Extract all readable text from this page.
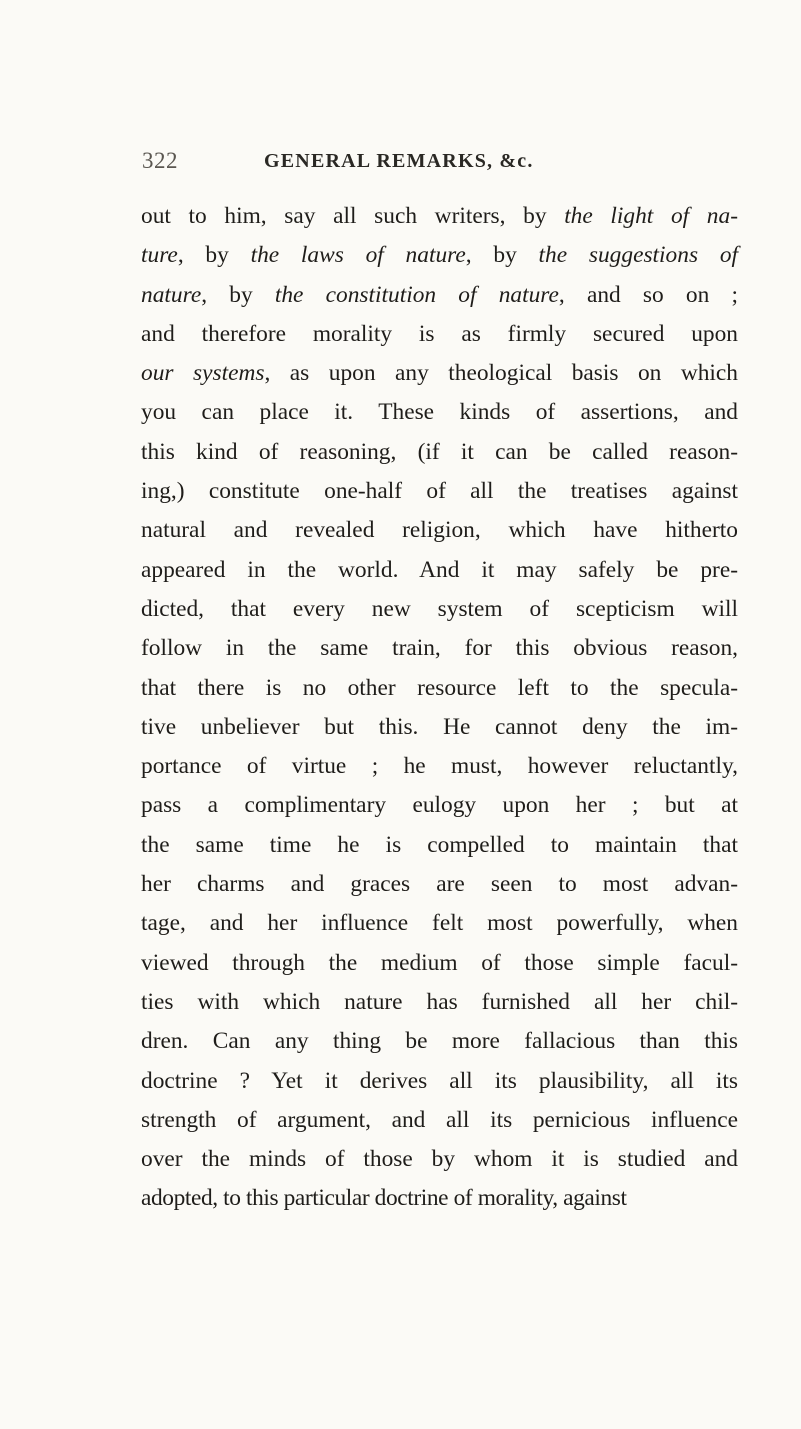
322	GENERAL REMARKS, &c.
out to him, say all such writers, by the light of na-
ture, by the laws of nature, by the suggestions of
nature, by the constitution of nature, and so on ;
and therefore morality is as firmly secured upon
our systems, as upon any theological basis on which
you can place it. These kinds of assertions, and
this kind of reasoning, (if it can be called reason-
ing,) constitute one-half of all the treatises against
natural and revealed religion, which have hitherto
appeared in the world. And it may safely be pre-
dicted, that every new system of scepticism will
follow in the same train, for this obvious reason,
that there is no other resource left to the specula-
tive unbeliever but this. He cannot deny the im-
portance of virtue ; he must, however reluctantly,
pass a complimentary eulogy upon her ; but at
the same time he is compelled to maintain that
her charms and graces are seen to most advan-
tage, and her influence felt most powerfully, when
viewed through the medium of those simple facul-
ties with which nature has furnished all her chil-
dren. Can any thing be more fallacious than this
doctrine ? Yet it derives all its plausibility, all its
strength of argument, and all its pernicious influence
over the minds of those by whom it is studied and
adopted, to this particular doctrine of morality, against
